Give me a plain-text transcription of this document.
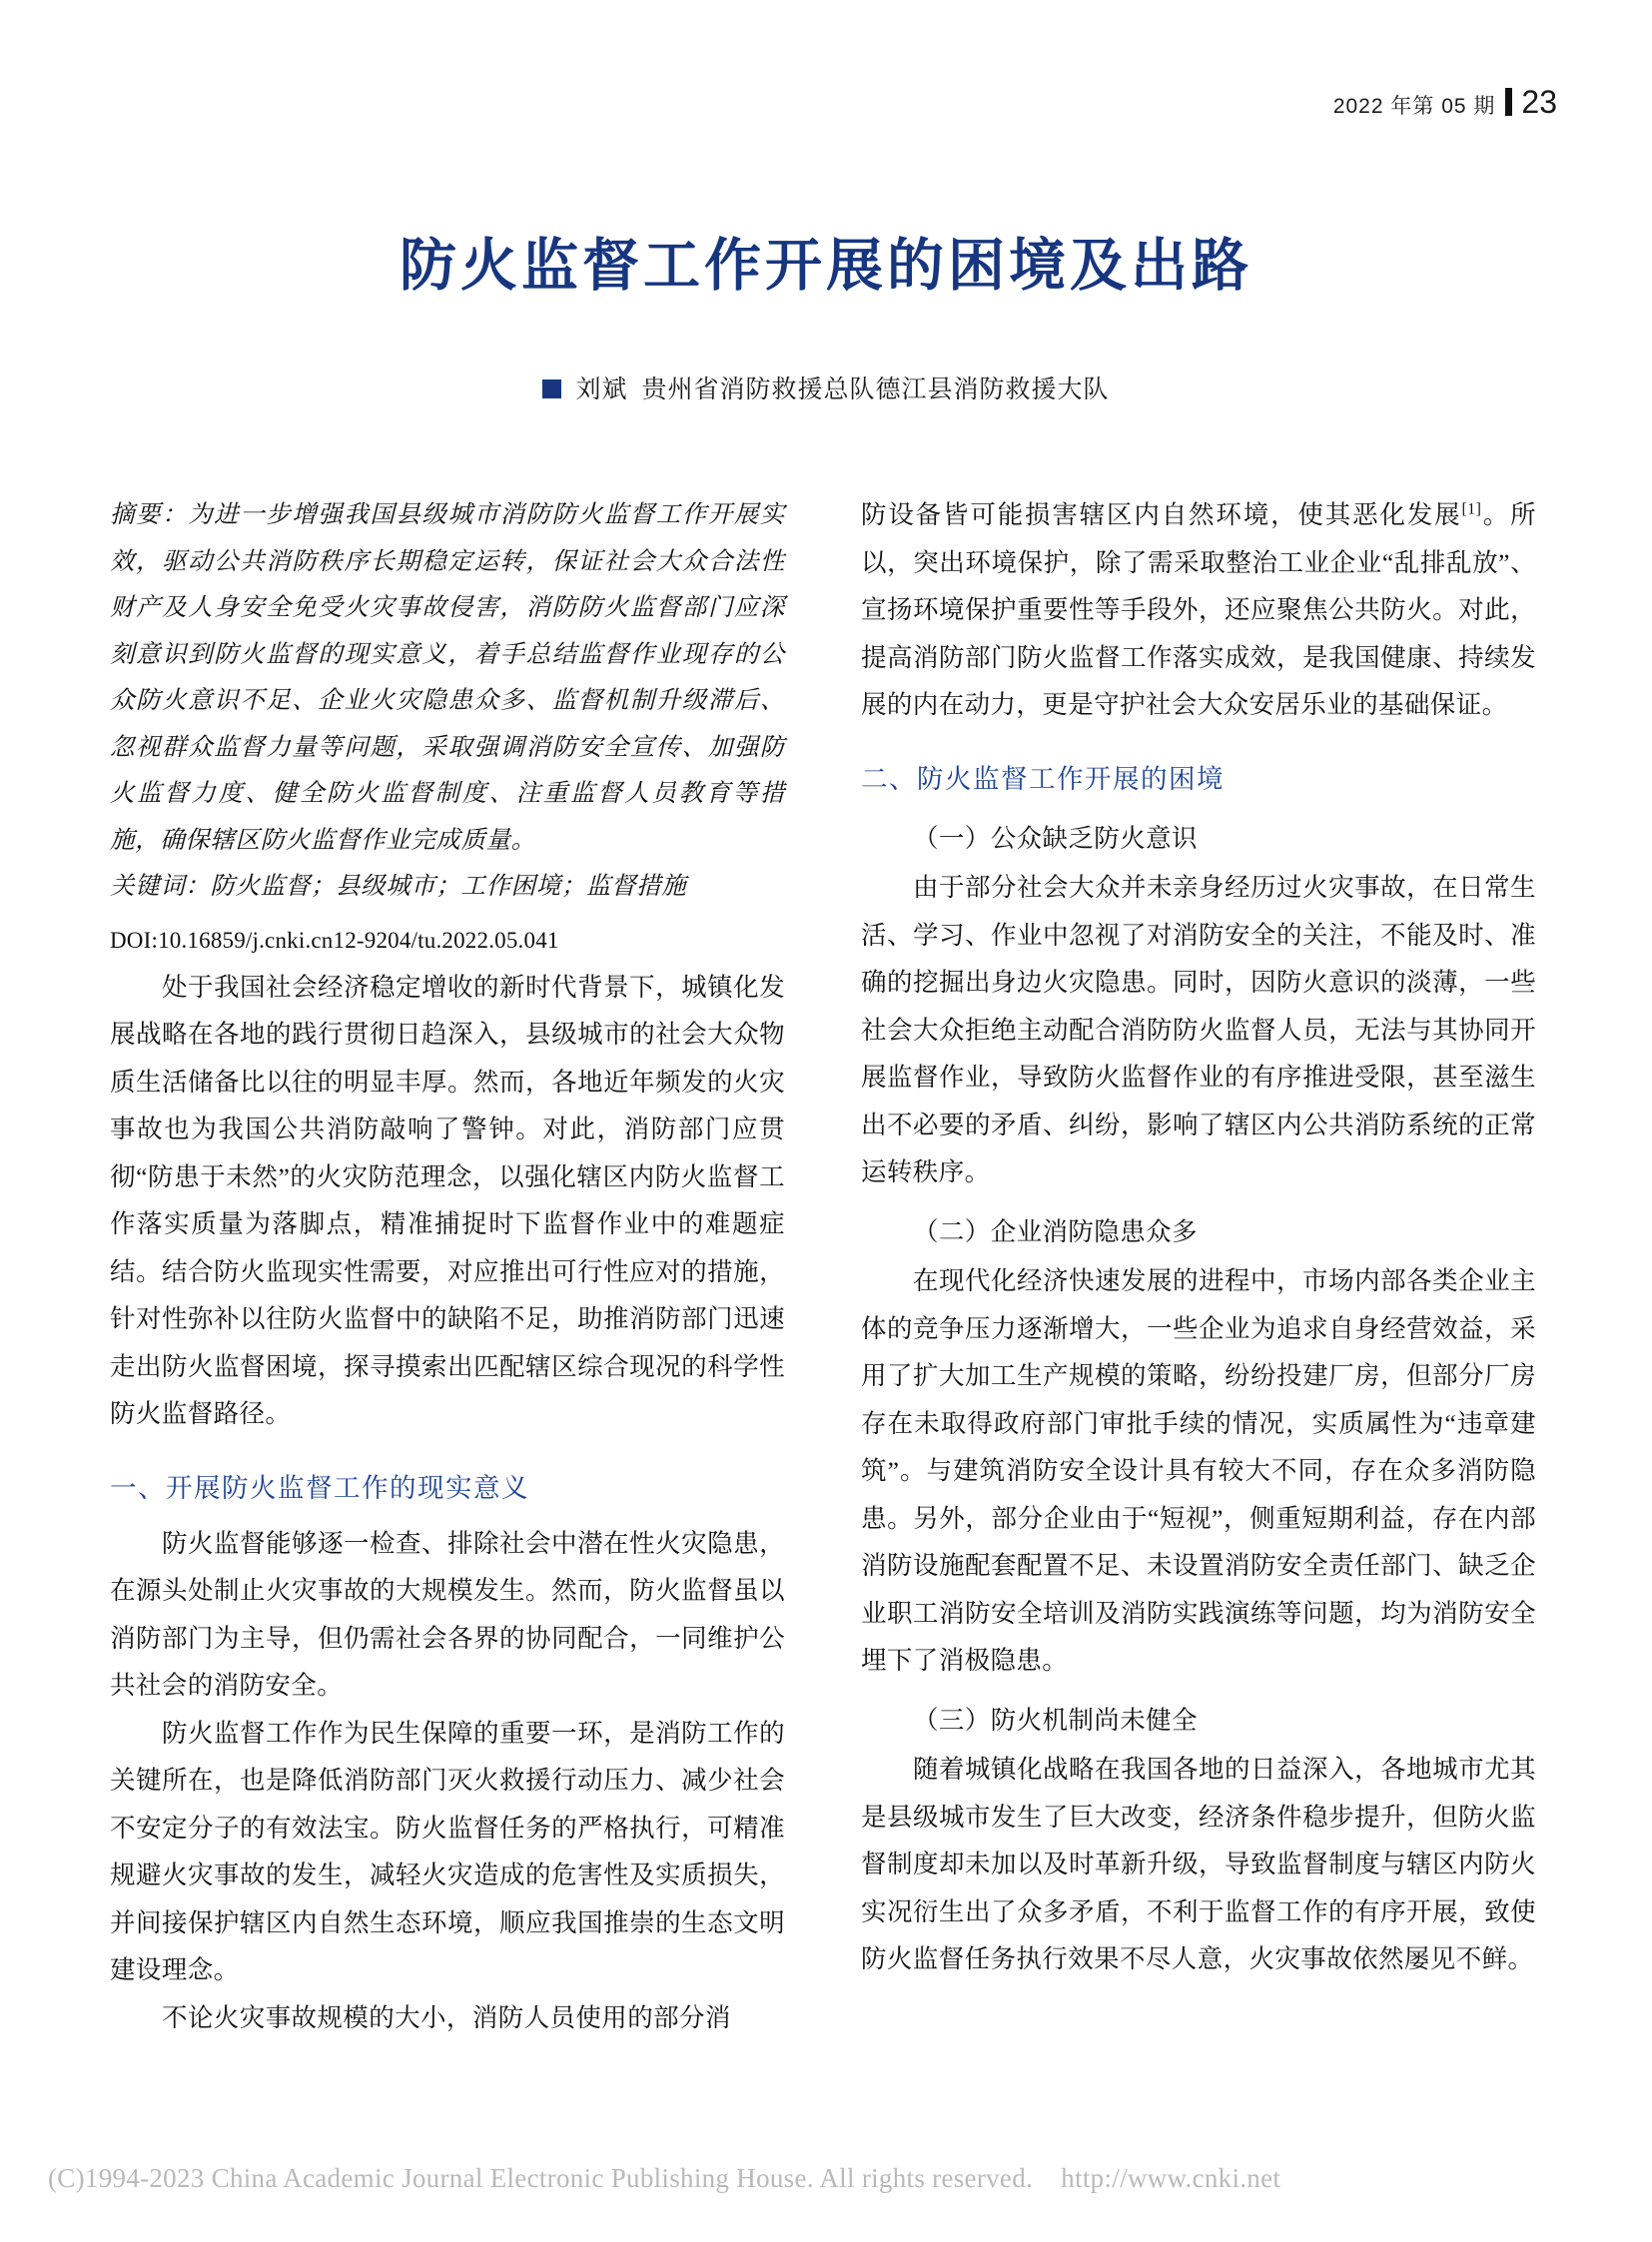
2022 年第 05 期 23
防火监督工作开展的困境及出路
刘斌 贵州省消防救援总队德江县消防救援大队

摘要：为进一步增强我国县级城市消防防火监督工作开展实效，驱动公共消防秩序长期稳定运转，保证社会大众合法性财产及人身安全免受火灾事故侵害，消防防火监督部门应深刻意识到防火监督的现实意义，着手总结监督作业现存的公众防火意识不足、企业火灾隐患众多、监督机制升级滞后、忽视群众监督力量等问题，采取强调消防安全宣传、加强防火监督力度、健全防火监督制度、注重监督人员教育等措施，确保辖区防火监督作业完成质量。

关键词：防火监督；县级城市；工作困境；监督措施

DOI:10.16859/j.cnki.cn12-9204/tu.2022.05.041

处于我国社会经济稳定增收的新时代背景下，城镇化发展战略在各地的践行贯彻日趋深入，县级城市的社会大众物质生活储备比以往的明显丰厚。然而，各地近年频发的火灾事故也为我国公共消防敲响了警钟。对此，消防部门应贯彻“防患于未然”的火灾防范理念，以强化辖区内防火监督工作落实质量为落脚点，精准捕捉时下监督作业中的难题症结。结合防火监现实性需要，对应推出可行性应对的措施，针对性弥补以往防火监督中的缺陷不足，助推消防部门迅速走出防火监督困境，探寻摸索出匹配辖区综合现况的科学性防火监督路径。

一、开展防火监督工作的现实意义

防火监督能够逐一检查、排除社会中潜在性火灾隐患，在源头处制止火灾事故的大规模发生。然而，防火监督虽以消防部门为主导，但仍需社会各界的协同配合，一同维护公共社会的消防安全。

防火监督工作作为民生保障的重要一环，是消防工作的关键所在，也是降低消防部门灭火救援行动压力、减少社会不安定分子的有效法宝。防火监督任务的严格执行，可精准规避火灾事故的发生，减轻火灾造成的危害性及实质损失，并间接保护辖区内自然生态环境，顺应我国推崇的生态文明建设理念。

不论火灾事故规模的大小，消防人员使用的部分消

防设备皆可能损害辖区内自然环境，使其恶化发展[1]。所以，突出环境保护，除了需采取整治工业企业“乱排乱放”、宣扬环境保护重要性等手段外，还应聚焦公共防火。对此，提高消防部门防火监督工作落实成效，是我国健康、持续发展的内在动力，更是守护社会大众安居乐业的基础保证。

二、防火监督工作开展的困境
（一）公众缺乏防火意识

由于部分社会大众并未亲身经历过火灾事故，在日常生活、学习、作业中忽视了对消防安全的关注，不能及时、准确的挖掘出身边火灾隐患。同时，因防火意识的淡薄，一些社会大众拒绝主动配合消防防火监督人员，无法与其协同开展监督作业，导致防火监督作业的有序推进受限，甚至滋生出不必要的矛盾、纠纷，影响了辖区内公共消防系统的正常运转秩序。

（二）企业消防隐患众多

在现代化经济快速发展的进程中，市场内部各类企业主体的竞争压力逐渐增大，一些企业为追求自身经营效益，采用了扩大加工生产规模的策略，纷纷投建厂房，但部分厂房存在未取得政府部门审批手续的情况，实质属性为“违章建筑”。与建筑消防安全设计具有较大不同，存在众多消防隐患。另外，部分企业由于“短视”，侧重短期利益，存在内部消防设施配套配置不足、未设置消防安全责任部门、缺乏企业职工消防安全培训及消防实践演练等问题，均为消防安全埋下了消极隐患。

（三）防火机制尚未健全

随着城镇化战略在我国各地的日益深入，各地城市尤其是县级城市发生了巨大改变，经济条件稳步提升，但防火监督制度却未加以及时革新升级，导致监督制度与辖区内防火实况衍生出了众多矛盾，不利于监督工作的有序开展，致使防火监督任务执行效果不尽人意，火灾事故依然屡见不鲜。

(C)1994-2023 China Academic Journal Electronic Publishing House. All rights reserved.    http://www.cnki.net
